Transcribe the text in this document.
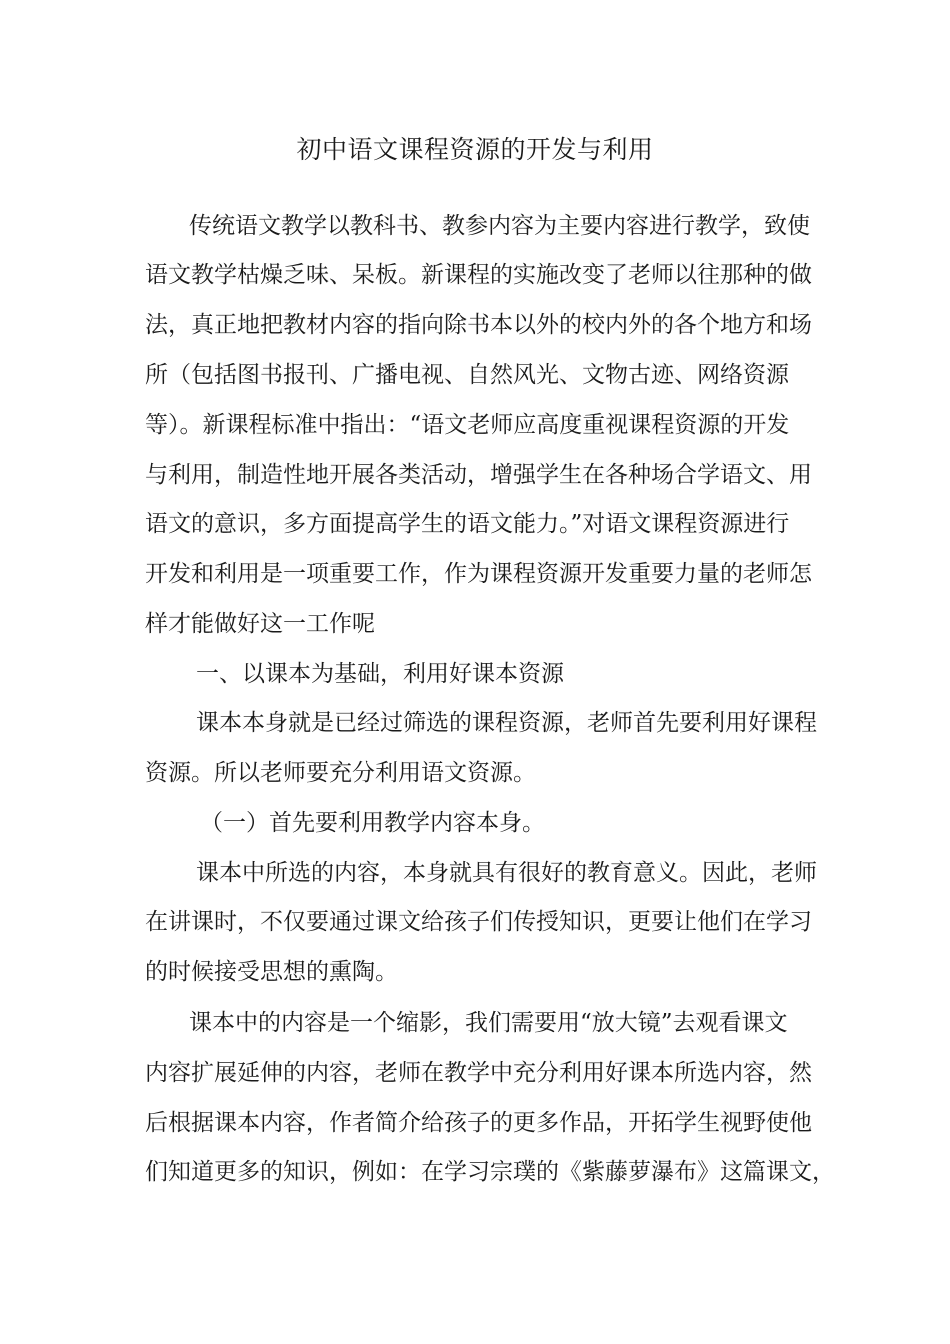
初中语文课程资源的开发与利用
传统语文教学以教科书、教参内容为主要内容进行教学，致使
语文教学枯燥乏味、呆板。新课程的实施改变了老师以往那种的做
法，真正地把教材内容的指向除书本以外的校内外的各个地方和场
所（包括图书报刊、广播电视、自然风光、文物古迹、网络资源
等）。新课程标准中指出：“语文老师应高度重视课程资源的开发
与利用，制造性地开展各类活动，增强学生在各种场合学语文、用
语文的意识，多方面提高学生的语文能力。”对语文课程资源进行
开发和利用是一项重要工作，作为课程资源开发重要力量的老师怎
样才能做好这一工作呢
一、以课本为基础，利用好课本资源
课本本身就是已经过筛选的课程资源，老师首先要利用好课程
资源。所以老师要充分利用语文资源。
（一）首先要利用教学内容本身。
课本中所选的内容，本身就具有很好的教育意义。因此，老师
在讲课时，不仅要通过课文给孩子们传授知识，更要让他们在学习
的时候接受思想的熏陶。
课本中的内容是一个缩影，我们需要用“放大镜”去观看课文
内容扩展延伸的内容，老师在教学中充分利用好课本所选内容，然
后根据课本内容，作者简介给孩子的更多作品，开拓学生视野使他
们知道更多的知识，例如：在学习宗璞的《紫藤萝瀑布》这篇课文，
